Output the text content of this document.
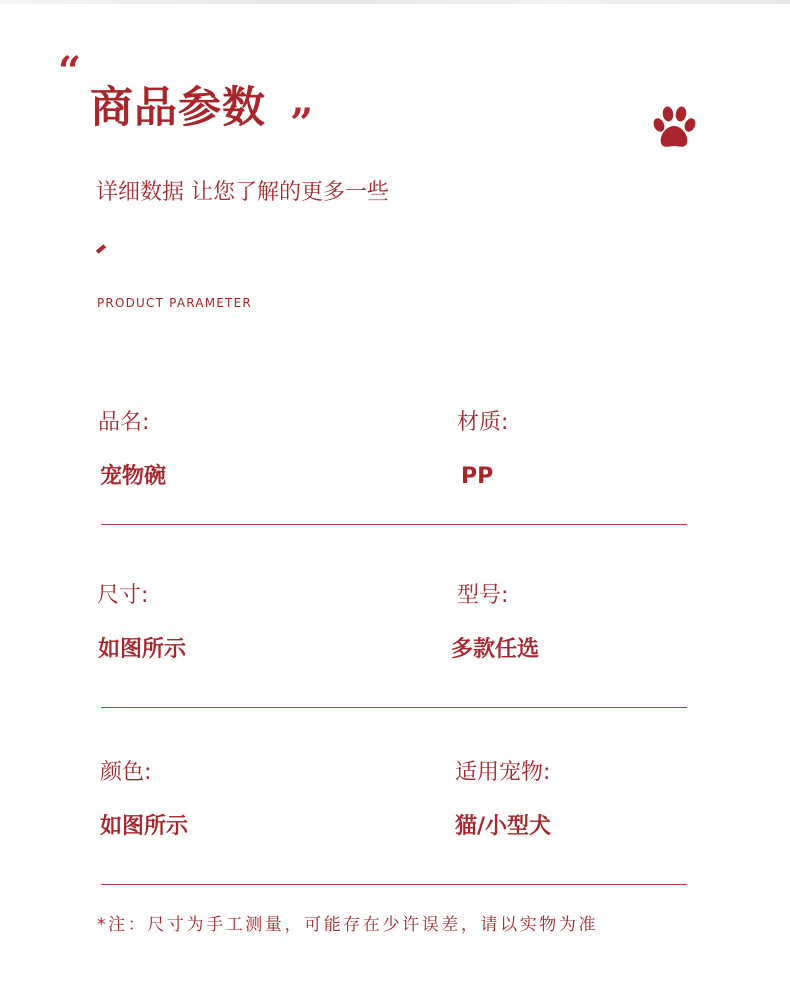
“
商品参数 ”

详细数据 让您了解的更多一些

PRODUCT PARAMETER

品名:
宠物碗
材质:
PP
尺寸:
如图所示
型号:
多款任选
颜色:
如图所示
适用宠物:
猫/小型犬

*注：尺寸为手工测量，可能存在少许误差，请以实物为准
